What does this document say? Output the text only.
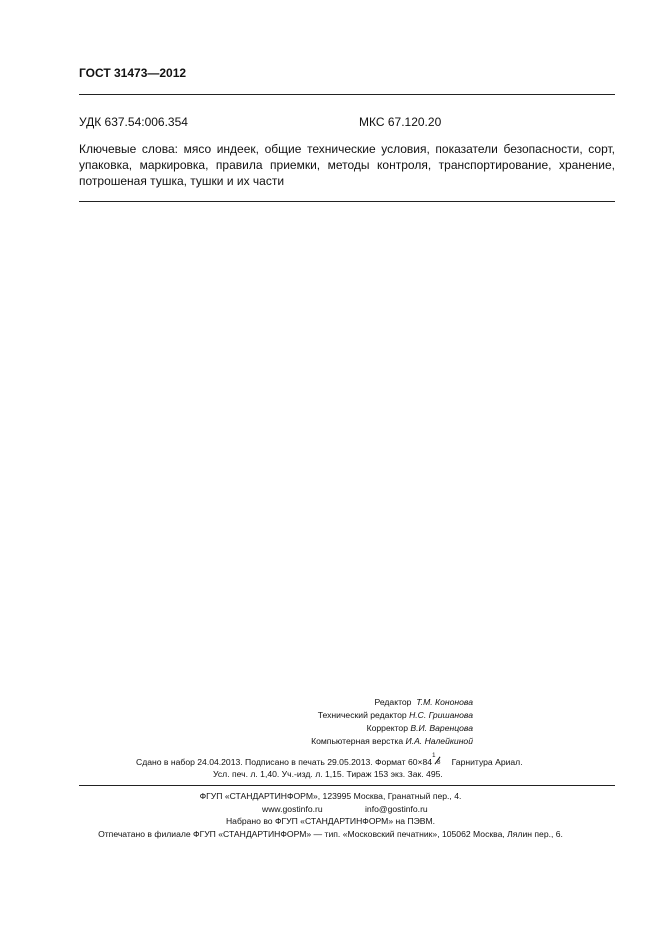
ГОСТ 31473—2012
УДК 637.54:006.354	МКС 67.120.20
Ключевые слова: мясо индеек, общие технические условия, показатели безопасности, сорт, упаковка, маркировка, правила приемки, методы контроля, транспортирование, хранение, потрошеная тушка, тушки и их части
Редактор Т.М. Кононова
Технический редактор Н.С. Гришанова
Корректор В.И. Варенцова
Компьютерная верстка И.А. Налейкиной
Сдано в набор 24.04.2013. Подписано в печать 29.05.2013. Формат 60×84
1
8 Гарнитура Ариал.
Усл. печ. л. 1,40. Уч.-изд. л. 1,15. Тираж 153 экз. Зак. 495.
ФГУП «СТАНДАРТИНФОРМ», 123995 Москва, Гранатный пер., 4.
www.gostinfo.ru	info@gostinfo.ru
Набрано во ФГУП «СТАНДАРТИНФОРМ» на ПЭВМ.
Отпечатано в филиале ФГУП «СТАНДАРТИНФОРМ» — тип. «Московский печатник», 105062 Москва, Лялин пер., 6.
